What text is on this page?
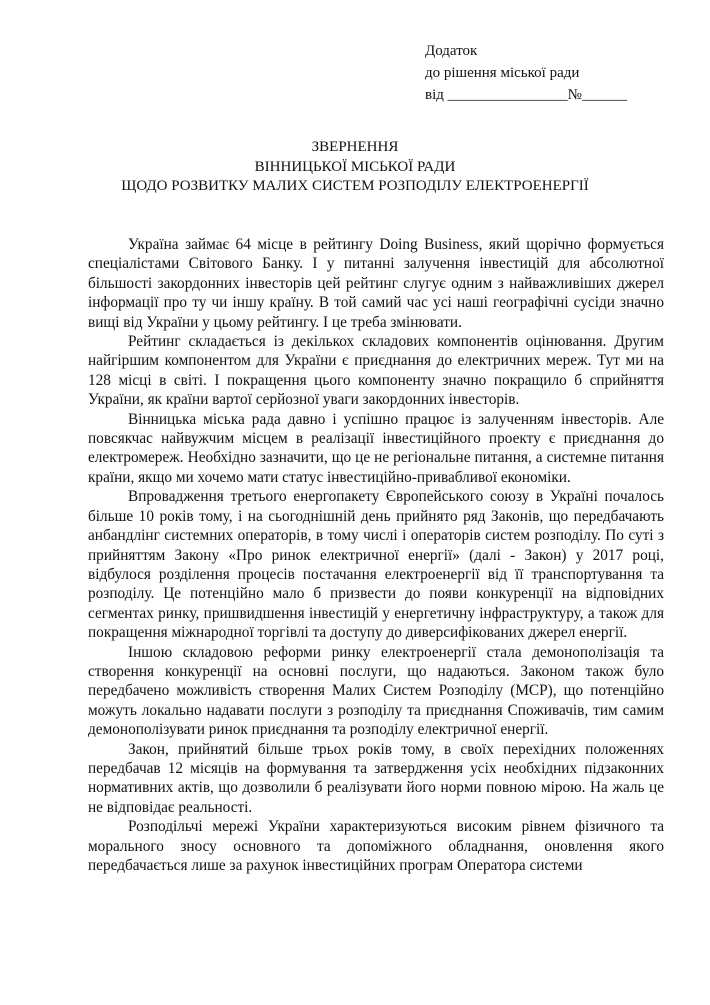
Додаток
до рішення міської ради
від ________________№______
ЗВЕРНЕННЯ
ВІННИЦЬКОЇ МІСЬКОЇ РАДИ
ЩОДО РОЗВИТКУ МАЛИХ СИСТЕМ РОЗПОДІЛУ ЕЛЕКТРОЕНЕРГІЇ

Україна займає 64 місце в рейтингу Doing Business, який щорічно формується спеціалістами Світового Банку. І у питанні залучення інвестицій для абсолютної більшості закордонних інвесторів цей рейтинг слугує одним з найважливіших джерел інформації про ту чи іншу країну. В той самий час усі наші географічні сусіди значно вищі від України у цьому рейтингу. І це треба змінювати.

Рейтинг складається із декількох складових компонентів оцінювання. Другим найгіршим компонентом для України є приєднання до електричних мереж. Тут ми на 128 місці в світі. І покращення цього компоненту значно покращило б сприйняття України, як країни вартої серйозної уваги закордонних інвесторів.

Вінницька міська рада давно і успішно працює із залученням інвесторів. Але повсякчас найвужчим місцем в реалізації інвестиційного проекту є приєднання до електромереж. Необхідно зазначити, що це не регіональне питання, а системне питання країни, якщо ми хочемо мати статус інвестиційно-привабливої економіки.

Впровадження третього енергопакету Європейського союзу в Україні почалось більше 10 років тому, і на сьогоднішній день прийнято ряд Законів, що передбачають анбандлінг системних операторів, в тому числі і операторів систем розподілу. По суті з прийняттям Закону «Про ринок електричної енергії» (далі - Закон) у 2017 році, відбулося розділення процесів постачання електроенергії від її транспортування та розподілу. Це потенційно мало б призвести до появи конкуренції на відповідних сегментах ринку, пришвидшення інвестицій у енергетичну інфраструктуру, а також для покращення міжнародної торгівлі та доступу до диверсифікованих джерел енергії.

Іншою складовою реформи ринку електроенергії стала демонополізація та створення конкуренції на основні послуги, що надаються. Законом також було передбачено можливість створення Малих Систем Розподілу (МСР), що потенційно можуть локально надавати послуги з розподілу та приєднання Споживачів, тим самим демонополізувати ринок приєднання та розподілу електричної енергії.

Закон, прийнятий більше трьох років тому, в своїх перехідних положеннях передбачав 12 місяців на формування та затвердження усіх необхідних підзаконних нормативних актів, що дозволили б реалізувати його норми повною мірою. На жаль це не відповідає реальності.

Розподільчі мережі України характеризуються високим рівнем фізичного та морального зносу основного та допоміжного обладнання, оновлення якого передбачається лише за рахунок інвестиційних програм Оператора системи
